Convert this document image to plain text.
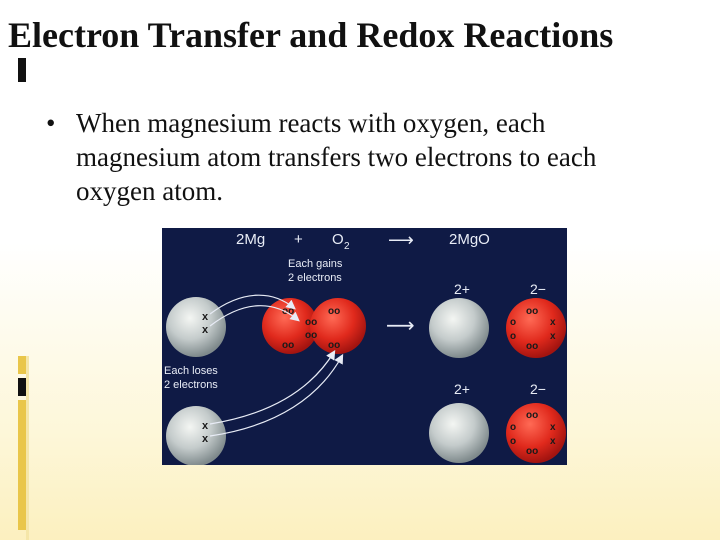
Electron Transfer and Redox Reactions
• When magnesium reacts with oxygen, each magnesium atom transfers two electrons to each oxygen atom.
2Mg + O 2 ⟶ 2MgO
Each gains
2 electrons
Each loses
2 electrons
x
x
x
x
oo	oo
oo
oo
oo	oo
⟶
2+	2−
oo
o
o
x
x
oo
2+	2−
oo
o
o
x
x
oo
